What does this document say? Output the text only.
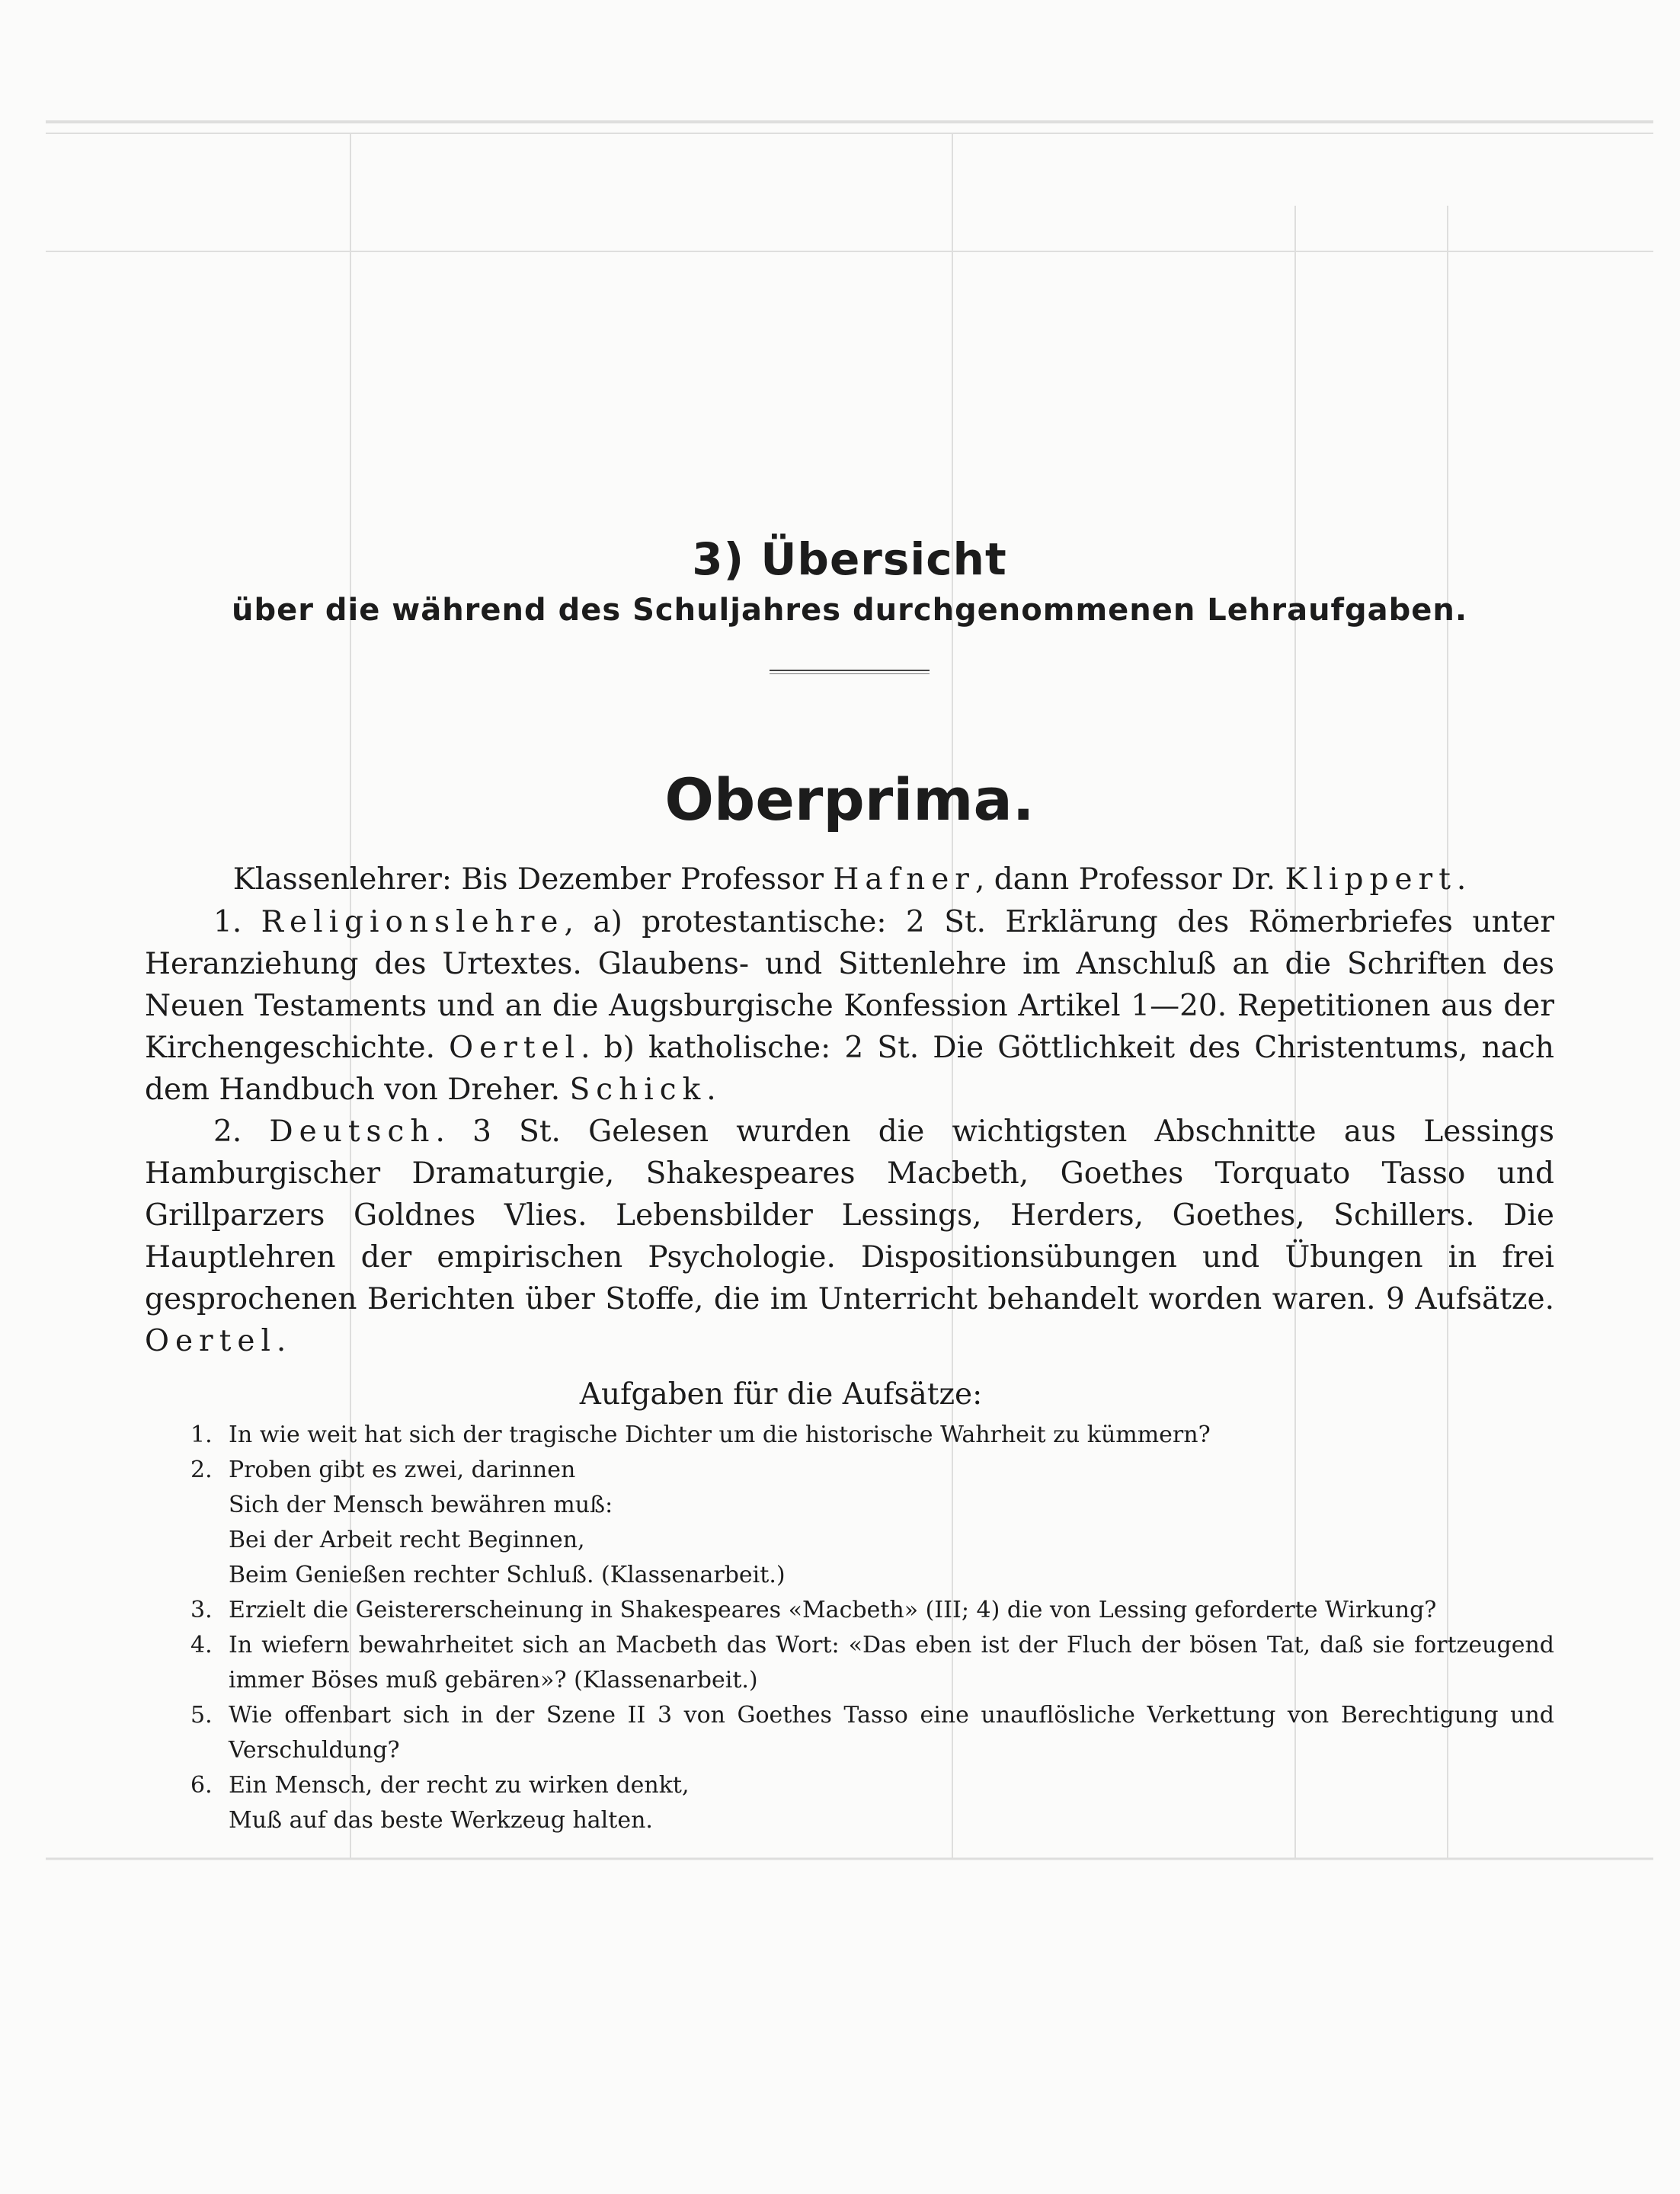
3) Übersicht
über die während des Schuljahres durchgenommenen Lehraufgaben.
Oberprima.

Klassenlehrer: Bis Dezember Professor Hafner, dann Professor Dr. Klippert.

1. Religionslehre, a) protestantische: 2 St. Erklärung des Römerbriefes unter Heranziehung des Urtextes. Glaubens- und Sittenlehre im Anschluß an die Schriften des Neuen Testaments und an die Augsburgische Konfession Artikel 1—20. Repetitionen aus der Kirchengeschichte. Oertel. b) katholische: 2 St. Die Göttlichkeit des Christentums, nach dem Handbuch von Dreher. Schick.

2. Deutsch. 3 St. Gelesen wurden die wichtigsten Abschnitte aus Lessings Hamburgischer Dramaturgie, Shakespeares Macbeth, Goethes Torquato Tasso und Grillparzers Goldnes Vlies. Lebensbilder Lessings, Herders, Goethes, Schillers. Die Hauptlehren der empirischen Psychologie. Dispositionsübungen und Übungen in frei gesprochenen Berichten über Stoffe, die im Unterricht behandelt worden waren. 9 Aufsätze. Oertel.

Aufgaben für die Aufsätze:

1. In wie weit hat sich der tragische Dichter um die historische Wahrheit zu kümmern?
2. Proben gibt es zwei, darinnen
Sich der Mensch bewähren muß:
Bei der Arbeit recht Beginnen,
Beim Genießen rechter Schluß. (Klassenarbeit.)
3. Erzielt die Geistererscheinung in Shakespeares «Macbeth» (III; 4) die von Lessing geforderte Wirkung?
4. In wiefern bewahrheitet sich an Macbeth das Wort: «Das eben ist der Fluch der bösen Tat, daß sie fortzeugend immer Böses muß gebären»? (Klassenarbeit.)
5. Wie offenbart sich in der Szene II 3 von Goethes Tasso eine unauflösliche Verkettung von Berechtigung und Verschuldung?
6. Ein Mensch, der recht zu wirken denkt,
Muß auf das beste Werkzeug halten.
